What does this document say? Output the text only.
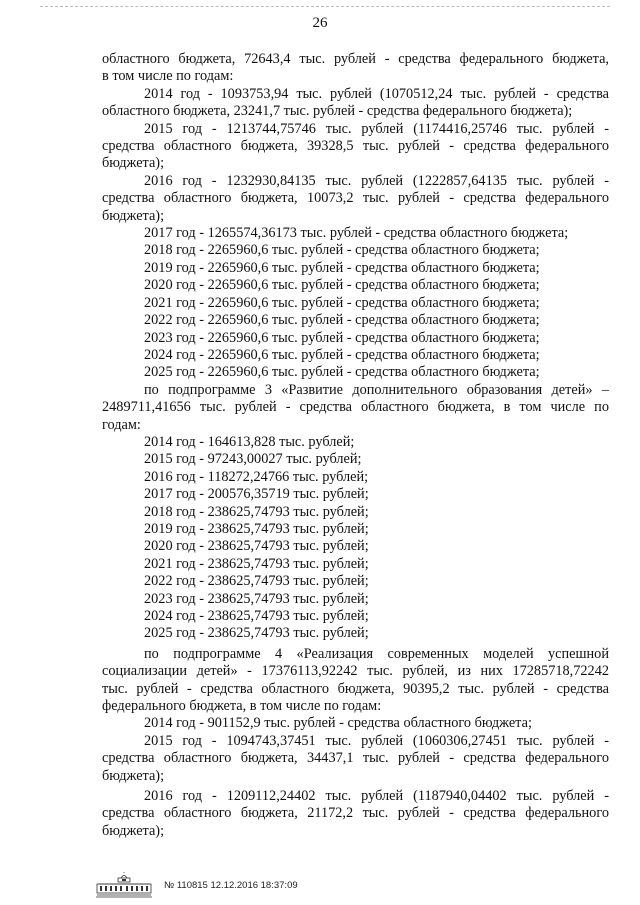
26
областного бюджета, 72643,4 тыс. рублей - средства федерального бюджета,
в том числе по годам:
2014 год - 1093753,94 тыс. рублей (1070512,24 тыс. рублей - средства
областного бюджета, 23241,7 тыс. рублей - средства федерального бюджета);
2015 год - 1213744,75746 тыс. рублей (1174416,25746 тыс. рублей -
средства областного бюджета, 39328,5 тыс. рублей - средства федерального
бюджета);
2016 год - 1232930,84135 тыс. рублей (1222857,64135 тыс. рублей -
средства областного бюджета, 10073,2 тыс. рублей - средства федерального
бюджета);
2017 год - 1265574,36173 тыс. рублей - средства областного бюджета;
2018 год - 2265960,6 тыс. рублей - средства областного бюджета;
2019 год - 2265960,6 тыс. рублей - средства областного бюджета;
2020 год - 2265960,6 тыс. рублей - средства областного бюджета;
2021 год - 2265960,6 тыс. рублей - средства областного бюджета;
2022 год - 2265960,6 тыс. рублей - средства областного бюджета;
2023 год - 2265960,6 тыс. рублей - средства областного бюджета;
2024 год - 2265960,6 тыс. рублей - средства областного бюджета;
2025 год - 2265960,6 тыс. рублей - средства областного бюджета;
по подпрограмме 3 «Развитие дополнительного образования детей» –
2489711,41656 тыс. рублей - средства областного бюджета, в том числе по
годам:
2014 год - 164613,828 тыс. рублей;
2015 год - 97243,00027 тыс. рублей;
2016 год - 118272,24766 тыс. рублей;
2017 год - 200576,35719 тыс. рублей;
2018 год - 238625,74793 тыс. рублей;
2019 год - 238625,74793 тыс. рублей;
2020 год - 238625,74793 тыс. рублей;
2021 год - 238625,74793 тыс. рублей;
2022 год - 238625,74793 тыс. рублей;
2023 год - 238625,74793 тыс. рублей;
2024 год - 238625,74793 тыс. рублей;
2025 год - 238625,74793 тыс. рублей;
по подпрограмме 4 «Реализация современных моделей успешной
социализации детей» - 17376113,92242 тыс. рублей, из них 17285718,72242
тыс. рублей - средства областного бюджета, 90395,2 тыс. рублей - средства
федерального бюджета, в том числе по годам:
2014 год - 901152,9 тыс. рублей - средства областного бюджета;
2015 год - 1094743,37451 тыс. рублей (1060306,27451 тыс. рублей -
средства областного бюджета, 34437,1 тыс. рублей - средства федерального
бюджета);
2016 год - 1209112,24402 тыс. рублей (1187940,04402 тыс. рублей -
средства областного бюджета, 21172,2 тыс. рублей - средства федерального
бюджета);
№ 110815 12.12.2016 18:37:09
